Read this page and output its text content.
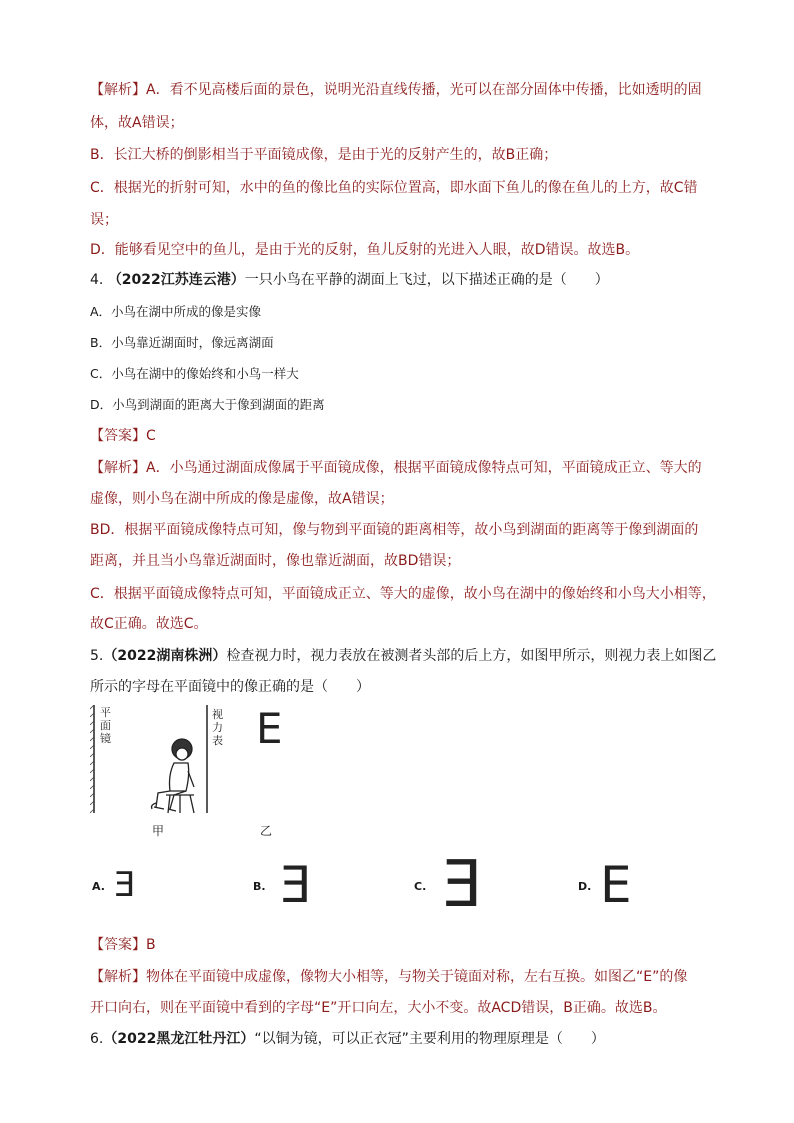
【解析】A．看不见高楼后面的景色，说明光沿直线传播，光可以在部分固体中传播，比如透明的固
体，故A错误；
B．长江大桥的倒影相当于平面镜成像，是由于光的反射产生的，故B正确；
C．根据光的折射可知，水中的鱼的像比鱼的实际位置高，即水面下鱼儿的像在鱼儿的上方，故C错
误；
D．能够看见空中的鱼儿，是由于光的反射，鱼儿反射的光进入人眼，故D错误。故选B。
4. （2022江苏连云港）一只小鸟在平静的湖面上飞过，以下描述正确的是（　　）
A．小鸟在湖中所成的像是实像
B．小鸟靠近湖面时，像远离湖面
C．小鸟在湖中的像始终和小鸟一样大
D．小鸟到湖面的距离大于像到湖面的距离
【答案】C
【解析】A．小鸟通过湖面成像属于平面镜成像，根据平面镜成像特点可知，平面镜成正立、等大的
虚像，则小鸟在湖中所成的像是虚像，故A错误；
BD．根据平面镜成像特点可知，像与物到平面镜的距离相等，故小鸟到湖面的距离等于像到湖面的
距离，并且当小鸟靠近湖面时，像也靠近湖面，故BD错误；
C．根据平面镜成像特点可知，平面镜成正立、等大的虚像，故小鸟在湖中的像始终和小鸟大小相等，
故C正确。故选C。
5.（2022湖南株洲）检查视力时，视力表放在被测者头部的后上方，如图甲所示，则视力表上如图乙
所示的字母在平面镜中的像正确的是（　　）
平面镜
视力表 E
甲	乙
A. E	B. E	C. E	D. E
【答案】B
【解析】物体在平面镜中成虚像，像物大小相等，与物关于镜面对称，左右互换。如图乙“E”的像
开口向右，则在平面镜中看到的字母“E”开口向左，大小不变。故ACD错误，B正确。故选B。
6.（2022黑龙江牡丹江）“以铜为镜，可以正衣冠”主要利用的物理原理是（　　）
